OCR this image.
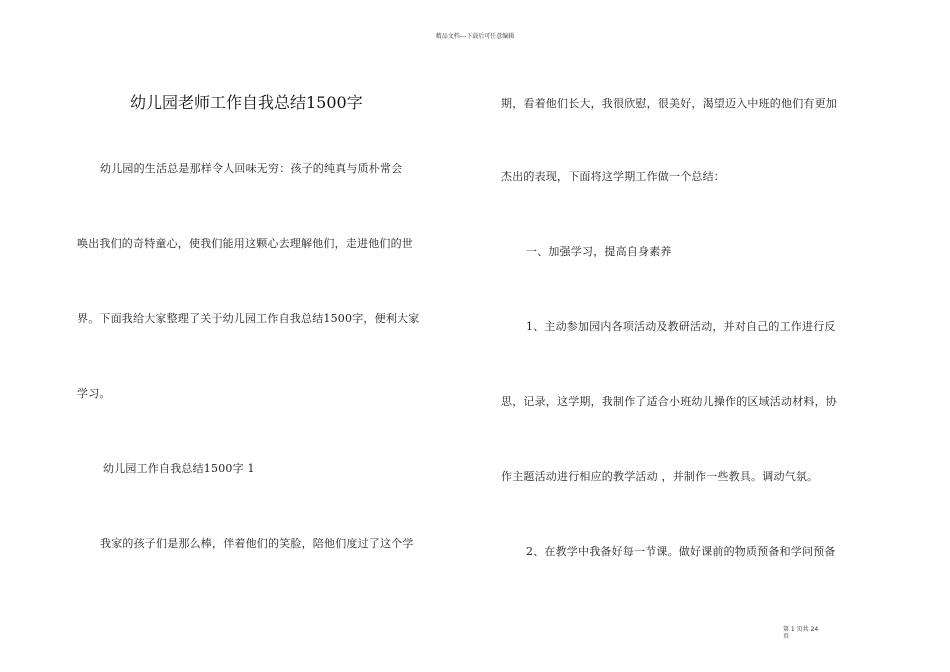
精品文档---下载后可任意编辑
幼儿园老师工作自我总结1500字
幼儿园的生活总是那样令人回味无穷：孩子的纯真与质朴常会
唤出我们的奇特童心，使我们能用这颗心去理解他们，走进他们的世
界。下面我给大家整理了关于幼儿园工作自我总结1500字，便利大家
学习。
幼儿园工作自我总结1500字 1
我家的孩子们是那么棒，伴着他们的笑脸，陪他们度过了这个学
期，看着他们长大，我很欣慰，很美好，渴望迈入中班的他们有更加
杰出的表现，下面将这学期工作做一个总结：
一、加强学习，提高自身素养
1、主动参加园内各项活动及教研活动，并对自己的工作进行反
思，记录，这学期，我制作了适合小班幼儿操作的区域活动材料，协
作主题活动进行相应的教学活动 ，并制作一些教具。调动气氛。
2、在教学中我备好每一节课。做好课前的物质预备和学问预备
第 1 页共 24 页
